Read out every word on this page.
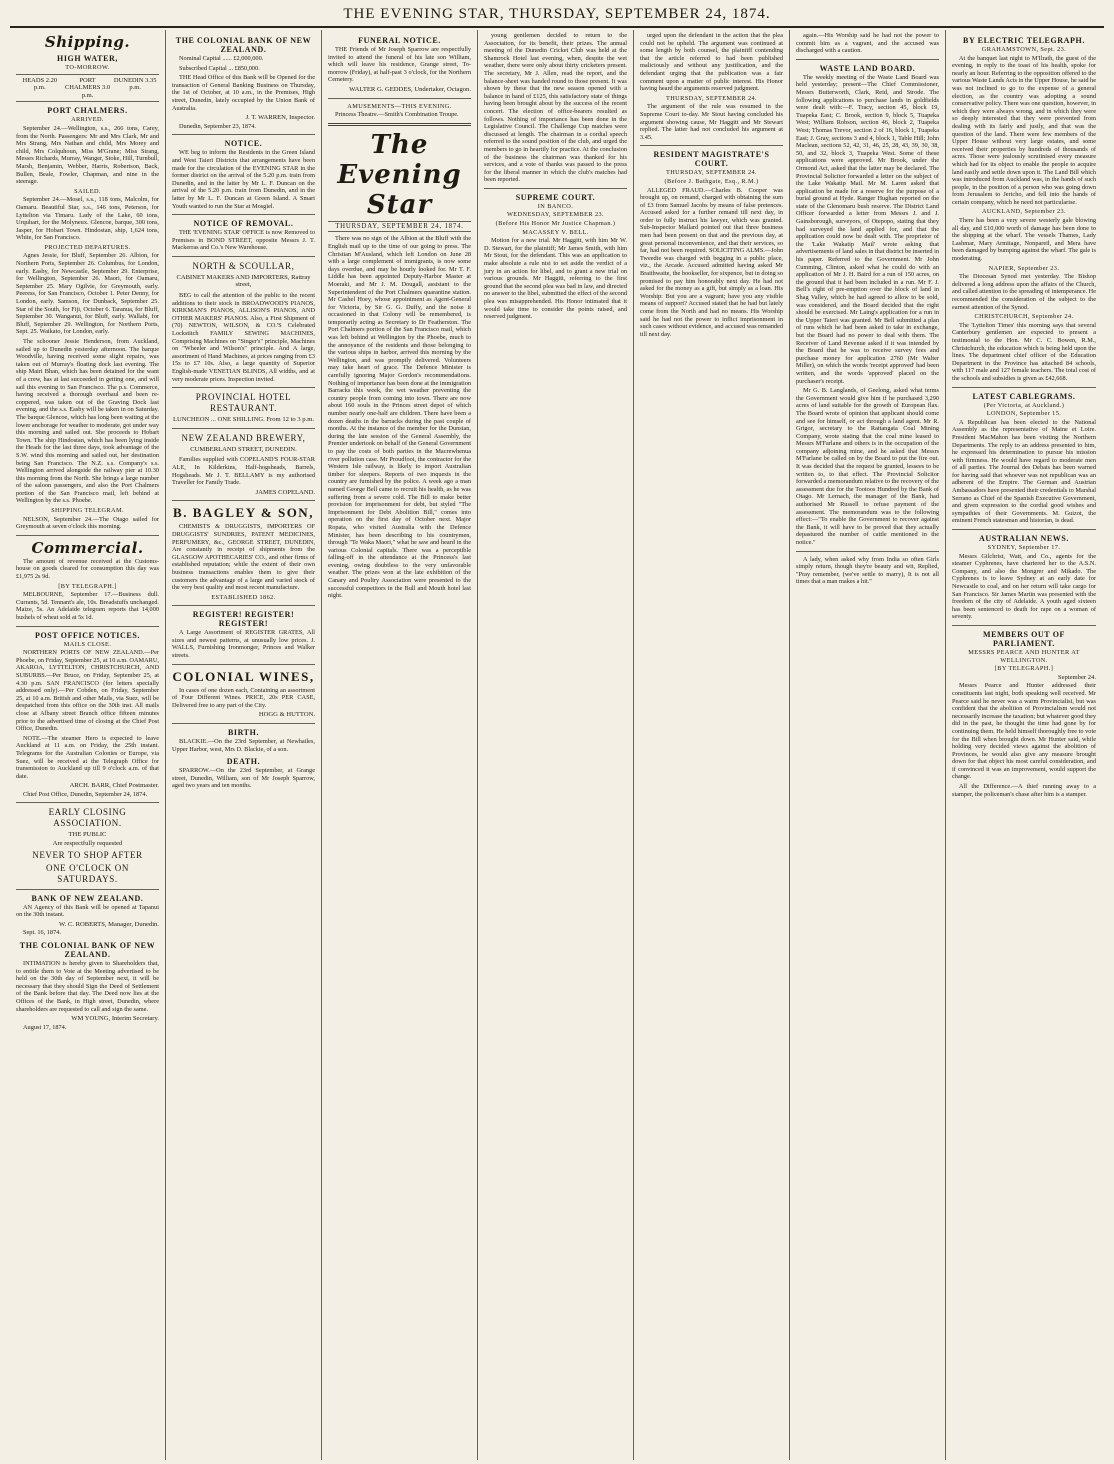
THE EVENING STAR, THURSDAY, SEPTEMBER 24, 1874.
Shipping.
HIGH WATER,
TO-MORROW.
HEADS 2.20 p.m.
PORT CHALMERS 3.0 p.m.
DUNEDIN 3.35 p.m.
PORT CHALMERS.
ARRIVED.

September 24.—Wellington, s.s., 266 tons, Carey, from the North. Passengers: Mr and Mrs Clark, Mr and Mrs Strang, Mrs Nathan and child, Mrs Morey and child, Mrs Colquhoun, Miss M'Grane; Miss Strang, Messrs Richards, Murray, Wanger, Stoke, Hill, Turnbull, Marsh, Benjamin, Webber, Harris, Robertson, Back, Bullen, Beale, Fowler, Chapman, and nine in the steerage.

SAILED.

September 24.—Mosel, s.s., 118 tons, Malcolm, for Oamaru. Beautiful Star, s.s., 146 tons, Peterson, for Lyttelton via Timaru. Lady of the Lake, 60 tons, Urquhart, for the Molyneux. Glencoe, barque, 300 tons, Jasper, for Hobart Town. Hindostan, ship, 1,624 tons, White, for San Francisco.

PROJECTED DEPARTURES.

Agnes Jessie, for Bluff, September 26. Albion, for Northern Ports, September 26. Columbus, for London, early. Easby, for Newcastle, September 29. Enterprise, for Wellington, September 26. Maori, for Oamaru, September 25. Mary Ogilvie, for Greymouth, early. Peeress, for San Francisco, October 1. Peter Denny, for London, early. Samson, for Dunback, September 25. Star of the South, for Fiji, October 6. Taranua, for Bluff, September 30. Wanganui, for Bluff, early. Wallabi, for Bluff, September 29. Wellington, for Northern Ports, Sept. 25. Waikato, for London, early.

The schooner Jessie Henderson, from Auckland, sailed up to Dunedin yesterday afternoon. The barque Woodville, having received some slight repairs, was taken out of Murray's floating dock last evening. The ship Mairi Bhan, which has been detained for the want of a crew, has at last succeeded in getting one, and will sail this evening to San Francisco. The p.s. Commerce, having received a thorough overhaul and been re-coppered, was taken out of the Graving Dock last evening, and the s.s. Easby will be taken in on Saturday. The barque Glencoe, which has long been waiting at the lower anchorage for weather to moderate, got under way this morning and sailed out. She proceeds to Hobart Town. The ship Hindostan, which has been lying inside the Heads for the last three days, took advantage of the S.W. wind this morning and sailed out, her destination being San Francisco. The N.Z. s.s. Company's s.s. Wellington arrived alongside the railway pier at 10.30 this morning from the North. She brings a large number of the saloon passengers, and also the Port Chalmers portion of the San Francisco mail, left behind at Wellington by the s.s. Phoebe.

SHIPPING TELEGRAM.

NELSON, September 24.—The Otago sailed for Greymouth at seven o'clock this morning.

Commercial.

The amount of revenue received at the Customs-house on goods cleared for consumption this day was £1,975 2s 9d.

[BY TELEGRAPH.]

MELBOURNE, September 17.—Business dull. Currants, 5d. Tennant's ale, 10s. Breadstuffs unchanged. Maize, 5s. An Adelaide telegram reports that 14,000 bushels of wheat sold at 5s 1d.

POST OFFICE NOTICES.
MAILS CLOSE.

NORTHERN PORTS OF NEW ZEALAND.—Per Phoebe, on Friday, September 25, at 10 a.m. OAMARU, AKAROA, LYTTELTON, CHRISTCHURCH, AND SUBURBS.—Per Bruce, on Friday, September 25, at 4.30 p.m. SAN FRANCISCO (for letters specially addressed only).—Per Cobden, on Friday, September 25, at 10 a.m. British and other Mails, via Suez, will be despatched from this office on the 30th inst. All mails close at Albany street Branch office fifteen minutes prior to the advertised time of closing at the Chief Post Office, Dunedin.

NOTE.—The steamer Hero is expected to leave Auckland at 11 a.m. on Friday, the 25th instant. Telegrams for the Australian Colonies or Europe, via Suez, will be received at the Telegraph Office for transmission to Auckland up till 9 o'clock a.m. of that date.

ARCH. BARR, Chief Postmaster.
Chief Post Office, Dunedin, September 24, 1874.
EARLY CLOSING ASSOCIATION.
THE PUBLIC
Are respectfully requested
NEVER TO SHOP AFTER
ONE O'CLOCK ON SATURDAYS.
BANK OF NEW ZEALAND.

AN Agency of this Bank will be opened at Tapanui on the 30th instant.

W. C. ROBERTS, Manager, Dunedin.
Sept. 16, 1874.
THE COLONIAL BANK OF NEW ZEALAND.

INTIMATION is hereby given to Shareholders that, to entitle them to Vote at the Meeting advertised to be held on the 30th day of September next, it will be necessary that they should Sign the Deed of Settlement of the Bank before that day. The Deed now lies at the Offices of the Bank, in High street, Dunedin, where shareholders are requested to call and sign the same.

WM YOUNG, Interim Secretary.
August 17, 1874.
THE COLONIAL BANK OF NEW ZEALAND.
Nominal Capital ...... £2,000,000.
Subscribed Capital ... £850,000.

THE Head Office of this Bank will be Opened for the transaction of General Banking Business on Thursday, the 1st of October, at 10 a.m., in the Premises, High street, Dunedin, lately occupied by the Union Bank of Australia.

J. T. WARREN, Inspector.
Dunedin, September 23, 1874.
NOTICE.

WE beg to inform the Residents in the Green Island and West Taieri Districts that arrangements have been made for the circulation of the EVENING STAR in the former district on the arrival of the 5.20 p.m. train from Dunedin, and in the latter by Mr L. F. Duncan on the arrival of the 5.20 p.m. train from Dunedin, and in the latter by Mr L. F. Duncan at Green Island. A Smart Youth wanted to run the Star at Mosgiel.

NOTICE OF REMOVAL.

THE 'EVENING STAR' OFFICE is now Removed to Premises in BOND STREET, opposite Messrs J. T. Mackerras and Co.'s New Warehouse.

NORTH & SCOULLAR,
CABINET MAKERS AND IMPORTERS, Rattray street,

BEG to call the attention of the public to the recent additions to their stock in BROADWOOD'S PIANOS, KIRKMAN'S PIANOS, ALLISON'S PIANOS, AND OTHER MAKERS' PIANOS. Also, a First Shipment of (70) NEWTON, WILSON, & CO.'S Celebrated Lockstitch FAMILY SEWING MACHINES, Comprising Machines on "Singer's" principle, Machines on "Wheeler and Wilson's" principle. And A large, assortment of Hand Machines, at prices ranging from £3 15s to £7 10s. Also, a large quantity of Superior English-made VENETIAN BLINDS, All widths, and at very moderate prices. Inspection invited.

PROVINCIAL HOTEL RESTAURANT.
LUNCHEON ... ONE SHILLING. From 12 to 3 p.m.
NEW ZEALAND BREWERY,
CUMBERLAND STREET, DUNEDIN.

Families supplied with COPELAND'S FOUR-STAR ALE, In Kilderkins, Half-hogsheads, Barrels, Hogsheads. Mr J. T. BELLAMY is my authorised Traveller for Family Trade.

JAMES COPELAND.
B. BAGLEY & SON,

CHEMISTS & DRUGGISTS, IMPORTERS OF DRUGGISTS' SUNDRIES, PATENT MEDICINES, PERFUMERY, &c., GEORGE STREET, DUNEDIN, Are constantly in receipt of shipments from the GLASGOW APOTHECARIES' CO., and other firms of established reputation; while the extent of their own business transactions enables them to give their customers the advantage of a large and varied stock of the very best quality and most recent manufacture.

ESTABLISHED 1862.
REGISTER! REGISTER! REGISTER!

A Large Assortment of REGISTER GRATES, All sizes and newest patterns, at unusually low prices. J. WALLS, Furnishing Ironmonger, Princes and Walker streets.

COLONIAL WINES,

In cases of one dozen each, Containing an assortment of Four Different Wines. PRICE, 20s PER CASE, Delivered free to any part of the City.

HOGG & HUTTON.
BIRTH.

BLACKIE.—On the 23rd September, at Newhailes, Upper Harbor, west, Mrs D. Blackie, of a son.

DEATH.

SPARROW.—On the 23rd September, at Grange street, Dunedin, William, son of Mr Joseph Sparrow, aged two years and ten months.

FUNERAL NOTICE.

THE Friends of Mr Joseph Sparrow are respectfully invited to attend the funeral of his late son William, which will leave his residence, Grange street, To-morrow (Friday), at half-past 3 o'clock, for the Northern Cemetery.

WALTER G. GEDDES, Undertaker, Octagon.
AMUSEMENTS—THIS EVENING.

Princess Theatre.—Smith's Combination Troupe.

The Evening Star
THURSDAY, SEPTEMBER 24, 1874.

There was no sign of the Albion at the Bluff with the English mail up to the time of our going to press. The Christian M'Ausland, which left London on June 28 with a large complement of immigrants, is now some days overdue, and may be hourly looked for. Mr T. F. Liddle has been appointed Deputy-Harbor Master at Moeraki, and Mr J. M. Dougall, assistant to the Superintendent of the Port Chalmers quarantine station. Mr Cashel Hoey, whose appointment as Agent-General for Victoria, by Sir G. G. Duffy, and the noise it occasioned in that Colony will be remembered, is temporarily acting as Secretary to Dr Featherston. The Port Chalmers portion of the San Francisco mail, which was left behind at Wellington by the Phoebe, much to the annoyance of the residents and those belonging to the various ships in harbor, arrived this morning by the Wellington, and was promptly delivered. Volunteers may take heart of grace. The Defence Minister is carefully ignoring Major Gordon's recommendations. Nothing of importance has been done at the immigration Barracks this week, the wet weather preventing the country people from coming into town. There are now about 160 souls in the Princes street depot of which number nearly one-half are children. There have been a dozen deaths in the barracks during the past couple of months. At the instance of the member for the Dunstan, during the late session of the General Assembly, the Premier undertook on behalf of the General Government to pay the costs of both parties in the Macrewhenua river pollution case. Mr Proudfoot, the contractor for the Western Isle railway, is likely to import Australian timber for sleepers. Reports of two inquests in the country are furnished by the police. A week ago a man named George Bell came to recruit his health, as he was suffering from a severe cold. The Bill to make better provision for imprisonment for debt, but styled "The Imprisonment for Debt Abolition Bill," comes into operation on the first day of October next. Major Ropata, who visited Australia with the Defence Minister, has been describing to his countrymen, through "Te Waka Maori," what he saw and heard in the various Colonial capitals. There was a perceptible falling-off in the attendance at the Princess's last evening, owing doubtless to the very unfavorable weather. The prizes won at the late exhibition of the Canary and Poultry Association were presented to the successful competitors in the Bull and Mouth hotel last night.

young gentlemen decided to return to the Association, for its benefit, their prizes. The annual meeting of the Dunedin Cricket Club was held at the Shamrock Hotel last evening, when, despite the wet weather, there were only about thirty cricketers present. The secretary, Mr J. Allen, read the report, and the balance-sheet was handed round to those present. It was shown by these that the new season opened with a balance in hand of £125, this satisfactory state of things having been brought about by the success of the recent concert. The election of office-bearers resulted as follows. Nothing of importance has been done in the Legislative Council. The Challenge Cup matches were discussed at length. The chairman in a cordial speech referred to the sound position of the club, and urged the members to go in heartily for practice. At the conclusion of the business the chairman was thanked for his services, and a vote of thanks was passed to the press for the liberal manner in which the club's matches had been reported.

SUPREME COURT.
IN BANCO.
WEDNESDAY, SEPTEMBER 23.
(Before His Honor Mr Justice Chapman.)
MACASSEY V. BELL.

Motion for a new trial. Mr Haggitt, with him Mr W. D. Stewart, for the plaintiff; Mr James Smith, with him Mr Stout, for the defendant. This was an application to make absolute a rule nisi to set aside the verdict of a jury in an action for libel, and to grant a new trial on various grounds. Mr Haggitt, referring to the first ground that the second plea was bad in law, and directed no answer to the libel, submitted the effect of the second plea was misapprehended. His Honor intimated that it would take time to consider the points raised, and reserved judgment.

urged upon the defendant in the action that the plea could not be upheld. The argument was continued at some length by both counsel, the plaintiff contending that the article referred to had been published maliciously and without any justification, and the defendant urging that the publication was a fair comment upon a matter of public interest. His Honor having heard the arguments reserved judgment.

THURSDAY, SEPTEMBER 24.

The argument of the rule was resumed in the Supreme Court to-day. Mr Stout having concluded his argument showing cause, Mr Haggitt and Mr Stewart replied. The latter had not concluded his argument at 3.45.

RESIDENT MAGISTRATE'S COURT.
THURSDAY, SEPTEMBER 24.
(Before J. Bathgate, Esq., R.M.)

ALLEGED FRAUD.—Charles B. Cooper was brought up, on remand, charged with obtaining the sum of £3 from Samuel Jacobs by means of false pretences. Accused asked for a further remand till next day, in order to fully instruct his lawyer, which was granted. Sub-Inspector Mallard pointed out that three business men had been present on that and the previous day, at great personal inconvenience, and that their services, so far, had not been required. SOLICITING ALMS.—John Tweedie was charged with begging in a public place, viz., the Arcade. Accused admitted having asked Mr Braithwaite, the bookseller, for sixpence, but in doing so promised to pay him honorably next day. He had not asked for the money as a gift, but simply as a loan. His Worship: But you are a vagrant; have you any visible means of support? Accused stated that he had but lately come from the North and had no means. His Worship said he had not the power to inflict imprisonment in such cases without evidence, and accused was remanded till next day.

again.—His Worship said he had not the power to commit him as a vagrant, and the accused was discharged with a caution.

WASTE LAND BOARD.

The weekly meeting of the Waste Land Board was held yesterday; present—The Chief Commissioner, Messrs Butterworth, Clark, Reid, and Strode. The following applications to purchase lands in goldfields were dealt with:—F. Tracy, section 45, block 19, Tuapeka East; C. Brook, section 9, block 5, Tuapeka West; William Robson, section 46, block 2, Tuapeka West; Thomas Trevor, section 2 of 16, block 1, Tuapeka East; J. Gray, sections 3 and 4, block 1, Table Hill; John Maclean, sections 52, 42, 31, 46, 25, 28, 43, 39, 30, 38, 50, and 32, block 3, Tuapeka West. Some of these applications were approved. Mr Brook, under the Ormond Act, asked that the latter may be declared. The Provincial Solicitor forwarded a letter on the subject of the Lake Wakatip Mail. Mr M. Laren asked that application be made for a reserve for the purpose of a burial ground at Hyde. Ranger Hughan reported on the state of the Glenomaru bush reserve. The District Land Officer forwarded a letter from Messrs J. and J. Gainsborough, surveyors, of Otepopo, stating that they had surveyed the land applied for, and that the application could now be dealt with. The proprietor of the 'Lake Wakatip Mail' wrote asking that advertisements of land sales in that district be inserted in his paper. Referred to the Government. Mr John Cumming, Clinton, asked what he could do with an application of Mr J. H. Baird for a run of 150 acres, on the ground that it had been included in a run. Mr F. J. Bell's right of pre-emption over the block of land in Shag Valley, which he had agreed to allow to be sold, was considered, and the Board decided that the right should be exercised. Mr Laing's application for a run in the Upper Taieri was granted. Mr Bell submitted a plan of runs which he had been asked to take in exchange, but the Board had no power to deal with them. The Receiver of Land Revenue asked if it was intended by the Board that he was to receive survey fees and purchase money for application 2760 (Mr Walter Miller), on which the words 'receipt approved' had been written, and the words 'approved' placed on the purchaser's receipt.

Mr G. B. Langlands, of Geelong, asked what terms the Government would give him if he purchased 3,290 acres of land suitable for the growth of European flax. The Board wrote of opinion that applicant should come and see for himself, or act through a land agent. Mr R. Grigor, secretary to the Rattangata Coal Mining Company, wrote stating that the coal mine leased to Messrs M'Farlane and others is in the occupation of the company adjoining mine, and he asked that Messrs M'Farlane be called on by the Board to put the fire out. It was decided that the request be granted, lessees to be written to, to that effect. The Provincial Solicitor forwarded a memorandum relative to the recovery of the assessment due for the Tootoos Hundred by the Bank of Otago. Mr Lernach, the manager of the Bank, had authorised Mr Russell to refuse payment of the assessment. The memorandum was to the following effect:—"To enable the Government to recover against the Bank, it will have to be proved that they actually depastured the number of cattle mentioned in the notice."

A lady, when asked why from India so often Girls simply return, though they're beauty and wit, Replied, "Pray remember, (we've settle to marry), It is not all times that a man makes a hit."

BY ELECTRIC TELEGRAPH.
GRAHAMSTOWN, Sept. 23.

At the banquet last night to M'Ilrath, the guest of the evening, in reply to the toast of his health, spoke for nearly an hour. Referring to the opposition offered to the various Waste Lands Acts in the Upper House, he said he was not inclined to go to the expense of a general election, as the country was adopting a sound conservative policy. There was one question, however, in which they were always wrong, and in which they were so deeply interested that they were prevented from dealing with its fairly and justly, and that was the question of the land. There were few members of the Upper House without very large estates, and some received their properties by hundreds of thousands of acres. Those were jealously scrutinised every measure which had for its object to enable the people to acquire land easily and settle down upon it. The Land Bill which was introduced from Auckland was, in the hands of such people, in the position of a person who was going down from Jerusalem to Jericho, and fell into the hands of certain company, which he need not particularise.

AUCKLAND, September 23.

There has been a very severe westerly gale blowing all day, and £10,000 worth of damage has been done to the shipping at the wharf. The vessels Thames, Lady Lashmar, Mary Armitage, Nonpareil, and Mera have been damaged by bumping against the wharf. The gale is moderating.

NAPIER, September 23.

The Diocesan Synod met yesterday. The Bishop delivered a long address upon the affairs of the Church, and called attention to the spreading of intemperance. He recommended the consideration of the subject to the earnest attention of the Synod.

CHRISTCHURCH, September 24.

The 'Lyttelton Times' this morning says that several Canterbury gentlemen are expected to present a testimonial to the Hon. Mr C. C. Bowen, R.M., Christchurch, the education which is being held upon the lines. The department chief officer of the Education Department in the Province has attached 84 schools, with 117 male and 127 female teachers. The total cost of the schools and subsidies is given as £42,668.

LATEST CABLEGRAMS.
(Per Victoria, at Auckland.)
LONDON, September 15.

A Republican has been elected to the National Assembly as the representative of Maine et Loire. President MacMahon has been visiting the Northern Departments. The reply to an address presented to him, he expressed his determination to pursue his mission with firmness. He would have regard to moderate men of all parties. The Journal des Debats has been warned for having said that whoever was not republican was an adherent of the Empire. The German and Austrian Ambassadors have presented their credentials to Marshal Serrano as Chief of the Spanish Executive Government, and given expression to the cordial good wishes and sympathies of their Governments. M. Guizot, the eminent French statesman and historian, is dead.

AUSTRALIAN NEWS.
SYDNEY, September 17.

Messrs Gilchrist, Watt, and Co., agents for the steamer Cyphrenes, have chartered her to the A.S.N. Company, and also the Mongrer and Mikado. The Cyphrenes is to leave Sydney at an early date for Newcastle to coal, and on her return will take cargo for San Francisco. Sir James Martin was presented with the freedom of the city of Adelaide. A youth aged sixteen has been sentenced to death for rape on a woman of seventy.

MEMBERS OUT OF PARLIAMENT.
MESSRS PEARCE AND HUNTER AT WELLINGTON.
[BY TELEGRAPH.]
September 24.

Messrs Pearce and Hunter addressed their constituents last night, both speaking well received. Mr Pearce said he never was a warm Provincialist, but was confident that the abolition of Provincialism would not necessarily increase the taxation; but whatever good they did in the past, he thought the time had gone by for continuing them. He held himself thoroughly free to vote for the Bill when brought down. Mr Hunter said, while holding very decided views against the abolition of Provinces, he would also give any measure brought down for that object his most careful consideration, and if convinced it was an improvement, would support the change.

All the Difference.—A thief running away to a stamper, the policeman's chase after him is a stamper.
